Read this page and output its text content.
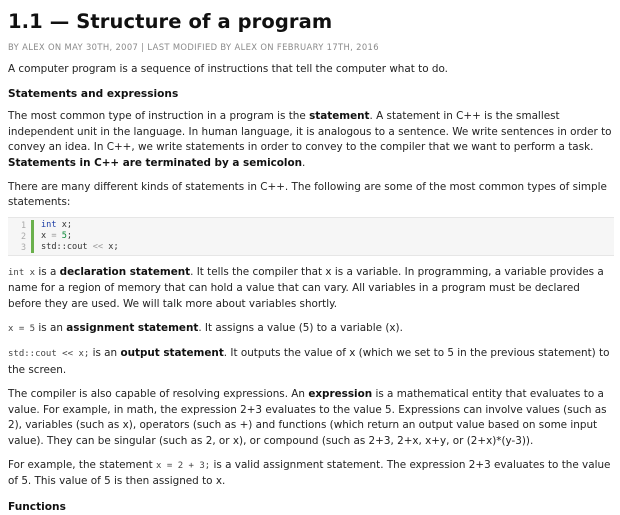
1.1 — Structure of a program
BY ALEX ON MAY 30TH, 2007 | LAST MODIFIED BY ALEX ON FEBRUARY 17TH, 2016

A computer program is a sequence of instructions that tell the computer what to do.

Statements and expressions

The most common type of instruction in a program is the statement. A statement in C++ is the smallest independent unit in the language. In human language, it is analogous to a sentence. We write sentences in order to convey an idea. In C++, we write statements in order to convey to the compiler that we want to perform a task. Statements in C++ are terminated by a semicolon.

There are many different kinds of statements in C++. The following are some of the most common types of simple statements:

1
2
3
int x;
x = 5;
std::cout << x;

int x is a declaration statement. It tells the compiler that x is a variable. In programming, a variable provides a name for a region of memory that can hold a value that can vary. All variables in a program must be declared before they are used. We will talk more about variables shortly.

x = 5 is an assignment statement. It assigns a value (5) to a variable (x).

std::cout << x; is an output statement. It outputs the value of x (which we set to 5 in the previous statement) to the screen.

The compiler is also capable of resolving expressions. An expression is a mathematical entity that evaluates to a value. For example, in math, the expression 2+3 evaluates to the value 5. Expressions can involve values (such as 2), variables (such as x), operators (such as +) and functions (which return an output value based on some input value). They can be singular (such as 2, or x), or compound (such as 2+3, 2+x, x+y, or (2+x)*(y-3)).

For example, the statement x = 2 + 3; is a valid assignment statement. The expression 2+3 evaluates to the value of 5. This value of 5 is then assigned to x.

Functions
